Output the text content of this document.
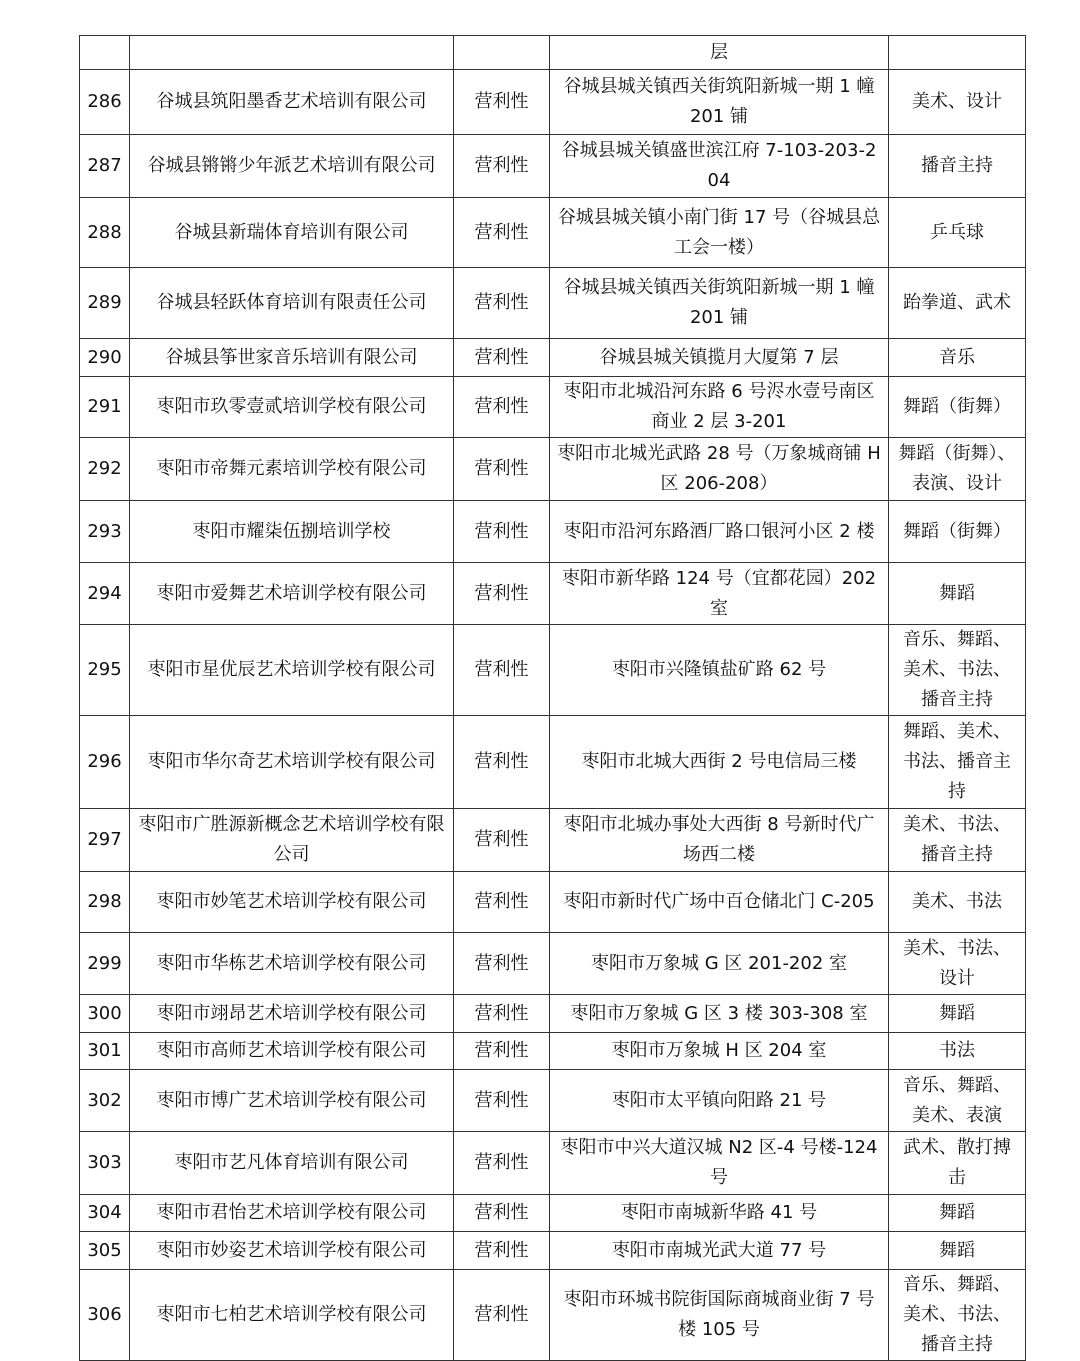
			层	
286	谷城县筑阳墨香艺术培训有限公司	营利性	谷城县城关镇西关街筑阳新城一期 1 幢 201 铺	美术、设计
287	谷城县锵锵少年派艺术培训有限公司	营利性	谷城县城关镇盛世滨江府 7-103-203-204	播音主持
288	谷城县新瑞体育培训有限公司	营利性	谷城县城关镇小南门街 17 号（谷城县总工会一楼）	乒乓球
289	谷城县轻跃体育培训有限责任公司	营利性	谷城县城关镇西关街筑阳新城一期 1 幢 201 铺	跆拳道、武术
290	谷城县筝世家音乐培训有限公司	营利性	谷城县城关镇揽月大厦第 7 层	音乐
291	枣阳市玖零壹贰培训学校有限公司	营利性	枣阳市北城沿河东路 6 号浕水壹号南区商业 2 层 3-201	舞蹈（街舞）
292	枣阳市帝舞元素培训学校有限公司	营利性	枣阳市北城光武路 28 号（万象城商铺 H 区 206-208）	舞蹈（街舞）、表演、设计
293	枣阳市耀柒伍捌培训学校	营利性	枣阳市沿河东路酒厂路口银河小区 2 楼	舞蹈（街舞）
294	枣阳市爱舞艺术培训学校有限公司	营利性	枣阳市新华路 124 号（宜都花园）202 室	舞蹈
295	枣阳市星优辰艺术培训学校有限公司	营利性	枣阳市兴隆镇盐矿路 62 号	音乐、舞蹈、美术、书法、播音主持
296	枣阳市华尔奇艺术培训学校有限公司	营利性	枣阳市北城大西街 2 号电信局三楼	舞蹈、美术、书法、播音主持
297	枣阳市广胜源新概念艺术培训学校有限公司	营利性	枣阳市北城办事处大西街 8 号新时代广场西二楼	美术、书法、播音主持
298	枣阳市妙笔艺术培训学校有限公司	营利性	枣阳市新时代广场中百仓储北门 C-205	美术、书法
299	枣阳市华栋艺术培训学校有限公司	营利性	枣阳市万象城 G 区 201-202 室	美术、书法、设计
300	枣阳市翊昂艺术培训学校有限公司	营利性	枣阳市万象城 G 区 3 楼 303-308 室	舞蹈
301	枣阳市高师艺术培训学校有限公司	营利性	枣阳市万象城 H 区 204 室	书法
302	枣阳市博广艺术培训学校有限公司	营利性	枣阳市太平镇向阳路 21 号	音乐、舞蹈、美术、表演
303	枣阳市艺凡体育培训有限公司	营利性	枣阳市中兴大道汉城 N2 区-4 号楼-124 号	武术、散打搏击
304	枣阳市君怡艺术培训学校有限公司	营利性	枣阳市南城新华路 41 号	舞蹈
305	枣阳市妙姿艺术培训学校有限公司	营利性	枣阳市南城光武大道 77 号	舞蹈
306	枣阳市七柏艺术培训学校有限公司	营利性	枣阳市环城书院街国际商城商业街 7 号楼 105 号	音乐、舞蹈、美术、书法、播音主持
